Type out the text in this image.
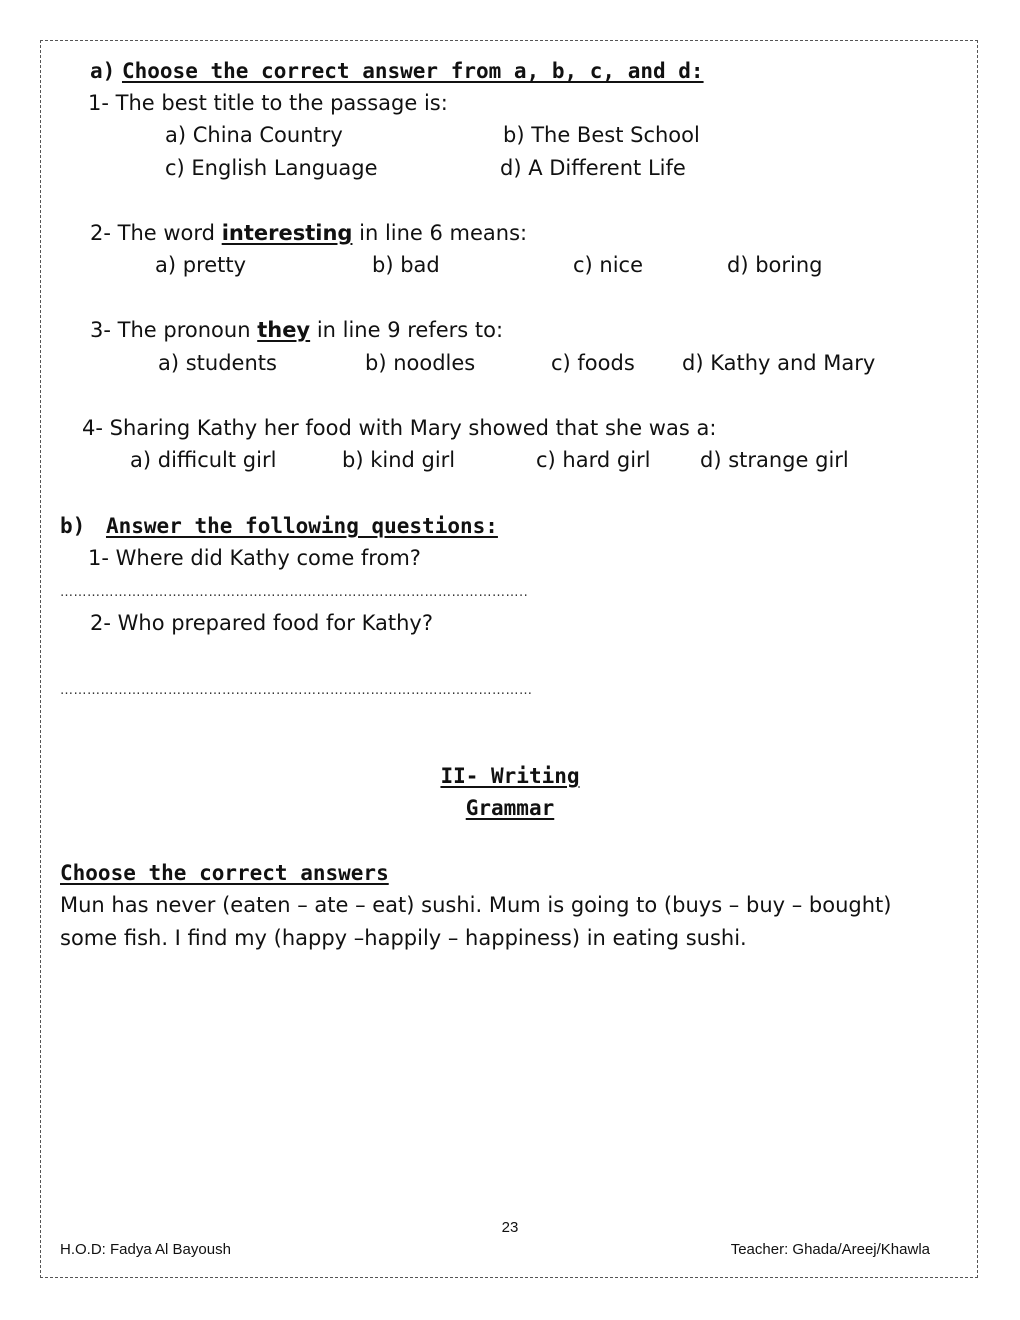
a) Choose the correct answer from a, b, c, and d:
1- The best title to the passage is:
a) China Country	b) The Best School
c) English Language	d) A Different Life
2- The word interesting in line 6 means:
a) pretty	b) bad	c) nice	d) boring
3- The pronoun they in line 9 refers to:
a) students	b) noodles	c) foods d) Kathy and Mary
4- Sharing Kathy her food with Mary showed that she was a:
a) difficult girl	b) kind girl	c) hard girl d) strange girl
b) Answer the following questions:
1- Where did Kathy come from?
…………………………………………………………………………………………..
2- Who prepared food for Kathy?
……………………………………………………………………………………………
II- Writing
Grammar
Choose the correct answers
Mun has never (eaten – ate – eat) sushi. Mum is going to (buys – buy – bought)
some fish. I find my (happy –happily – happiness) in eating sushi.
23
H.O.D: Fadya Al Bayoush	Teacher: Ghada/Areej/Khawla
